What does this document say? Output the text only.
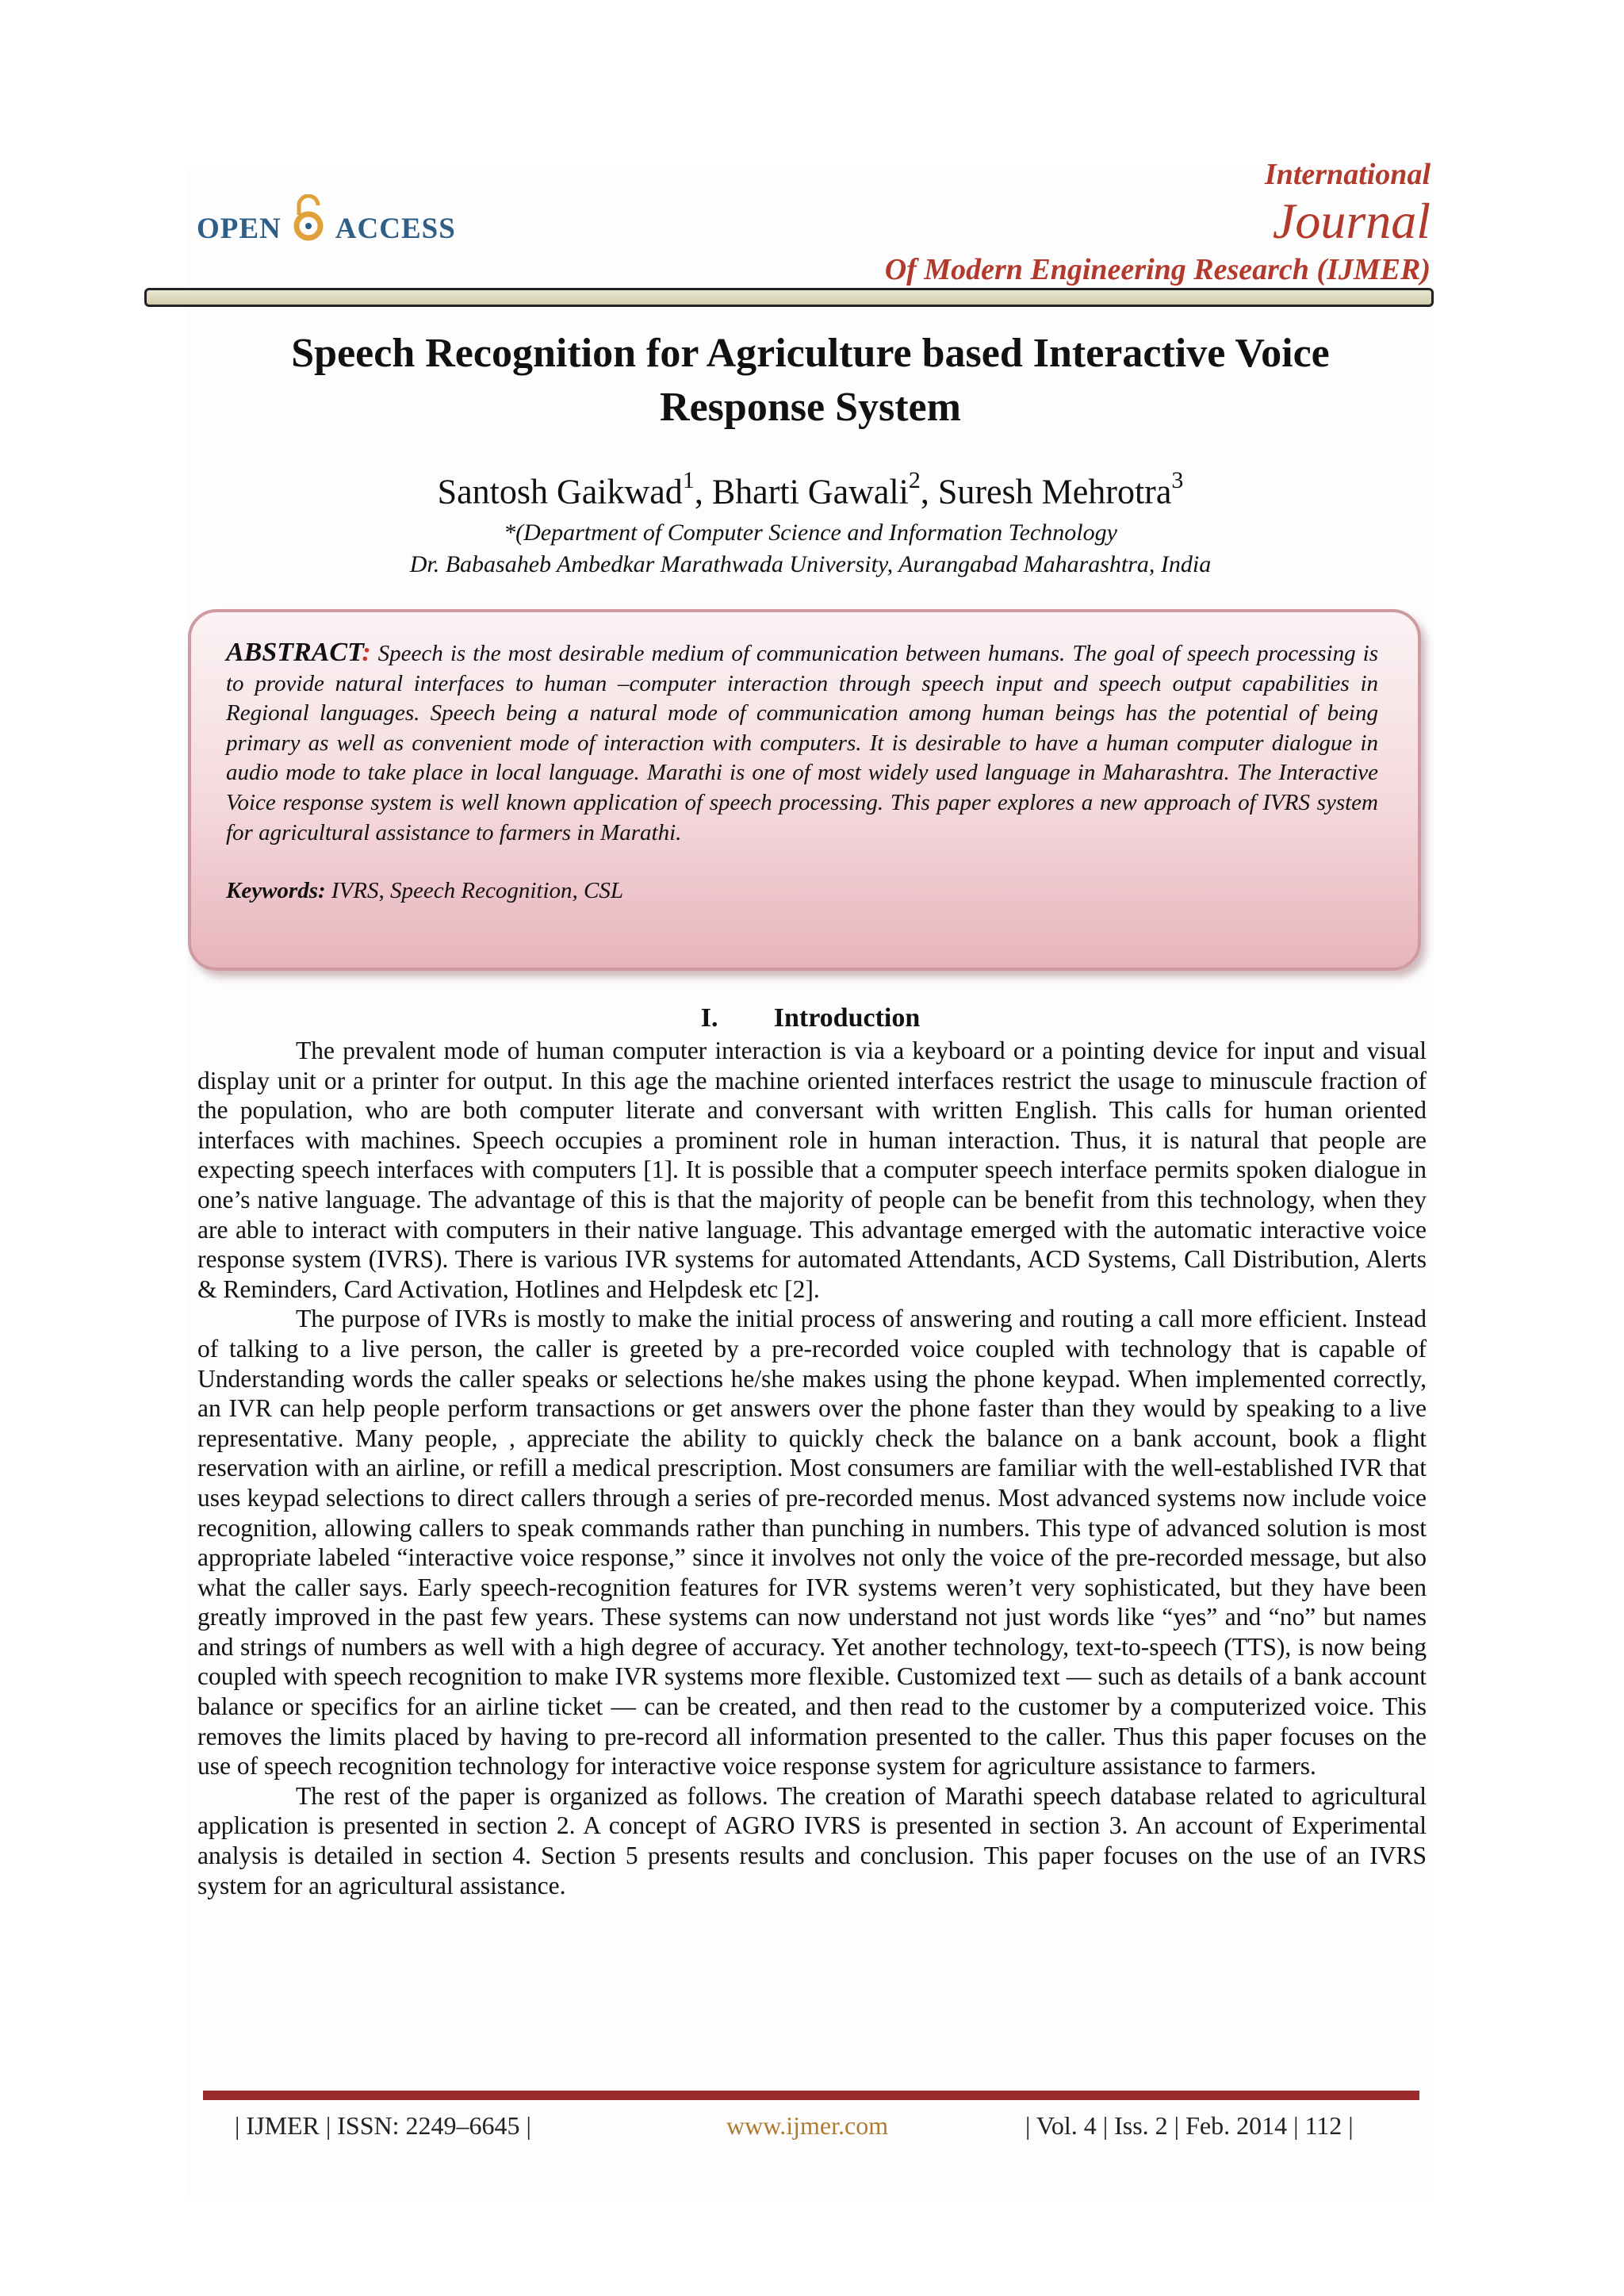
OPEN ACCESS
International
Journal
Of Modern Engineering Research (IJMER)
Speech Recognition for Agriculture based Interactive Voice
Response System
Santosh Gaikwad$^1$, Bharti Gawali$^2$, Suresh Mehrotra$^3$
*(Department of Computer Science and Information Technology
Dr. Babasaheb Ambedkar Marathwada University, Aurangabad Maharashtra, India
ABSTRACT: Speech is the most desirable medium of communication between humans. The goal of speech processing is to provide natural interfaces to human –computer interaction through speech input and speech output capabilities in Regional languages. Speech being a natural mode of communication among human beings has the potential of being primary as well as convenient mode of interaction with computers. It is desirable to have a human computer dialogue in audio mode to take place in local language. Marathi is one of most widely used language in Maharashtra. The Interactive Voice response system is well known application of speech processing. This paper explores a new approach of IVRS system for agricultural assistance to farmers in Marathi.
Keywords: IVRS, Speech Recognition, CSL
I. Introduction

The prevalent mode of human computer interaction is via a keyboard or a pointing device for input and visual display unit or a printer for output. In this age the machine oriented interfaces restrict the usage to minuscule fraction of the population, who are both computer literate and conversant with written English. This calls for human oriented interfaces with machines. Speech occupies a prominent role in human interaction. Thus, it is natural that people are expecting speech interfaces with computers [1]. It is possible that a computer speech interface permits spoken dialogue in one’s native language. The advantage of this is that the majority of people can be benefit from this technology, when they are able to interact with computers in their native language. This advantage emerged with the automatic interactive voice response system (IVRS). There is various IVR systems for automated Attendants, ACD Systems, Call Distribution, Alerts & Reminders, Card Activation, Hotlines and Helpdesk etc [2].

The purpose of IVRs is mostly to make the initial process of answering and routing a call more efficient. Instead of talking to a live person, the caller is greeted by a pre-recorded voice coupled with technology that is capable of Understanding words the caller speaks or selections he/she makes using the phone keypad. When implemented correctly, an IVR can help people perform transactions or get answers over the phone faster than they would by speaking to a live representative. Many people, , appreciate the ability to quickly check the balance on a bank account, book a flight reservation with an airline, or refill a medical prescription. Most consumers are familiar with the well-established IVR that uses keypad selections to direct callers through a series of pre-recorded menus. Most advanced systems now include voice recognition, allowing callers to speak commands rather than punching in numbers. This type of advanced solution is most appropriate labeled “interactive voice response,” since it involves not only the voice of the pre-recorded message, but also what the caller says. Early speech-recognition features for IVR systems weren’t very sophisticated, but they have been greatly improved in the past few years. These systems can now understand not just words like “yes” and “no” but names and strings of numbers as well with a high degree of accuracy. Yet another technology, text-to-speech (TTS), is now being coupled with speech recognition to make IVR systems more flexible. Customized text — such as details of a bank account balance or specifics for an airline ticket — can be created, and then read to the customer by a computerized voice. This removes the limits placed by having to pre-record all information presented to the caller. Thus this paper focuses on the use of speech recognition technology for interactive voice response system for agriculture assistance to farmers.

The rest of the paper is organized as follows. The creation of Marathi speech database related to agricultural application is presented in section 2. A concept of AGRO IVRS is presented in section 3. An account of Experimental analysis is detailed in section 4. Section 5 presents results and conclusion. This paper focuses on the use of an IVRS system for an agricultural assistance.

| IJMER | ISSN: 2249–6645 |	www.ijmer.com	| Vol. 4 | Iss. 2 | Feb. 2014 | 112 |
